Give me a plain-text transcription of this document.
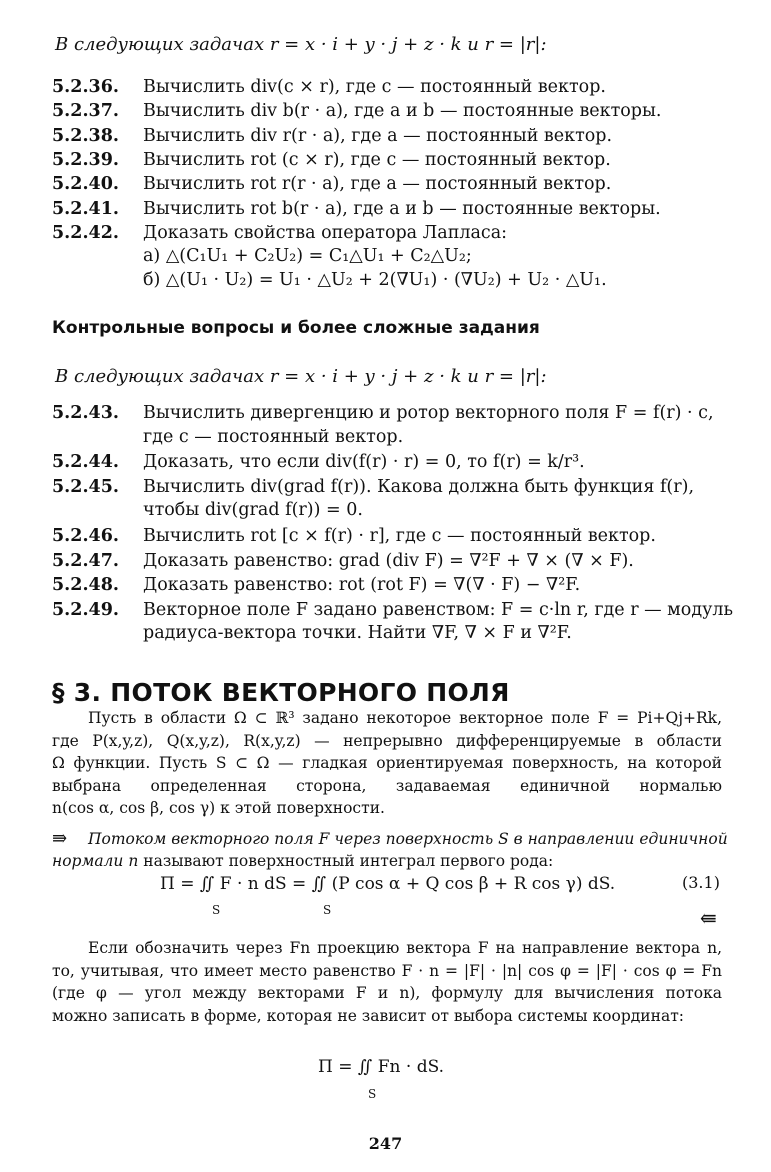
В следующих задачах r = x · i + y · j + z · k и r = |r|:
5.2.36.	Вычислить div(c × r), где c — постоянный вектор.
5.2.37.	Вычислить div b(r · a), где a и b — постоянные векторы.
5.2.38.	Вычислить div r(r · a), где a — постоянный вектор.
5.2.39.	Вычислить rot (c × r), где c — постоянный вектор.
5.2.40.	Вычислить rot r(r · a), где a — постоянный вектор.
5.2.41.	Вычислить rot b(r · a), где a и b — постоянные векторы.
5.2.42.	Доказать свойства оператора Лапласа:
а) △(C₁U₁ + C₂U₂) = C₁△U₁ + C₂△U₂;
б) △(U₁ · U₂) = U₁ · △U₂ + 2(∇U₁) · (∇U₂) + U₂ · △U₁.
Контрольные вопросы и более сложные задания
В следующих задачах r = x · i + y · j + z · k и r = |r|:
5.2.43.	Вычислить дивергенцию и ротор векторного поля F = f(r) · c,
где c — постоянный вектор.
5.2.44.	Доказать, что если div(f(r) · r) = 0, то f(r) = k/r³.
5.2.45.	Вычислить div(grad f(r)). Какова должна быть функция f(r),
чтобы div(grad f(r)) = 0.
5.2.46.	Вычислить rot [c × f(r) · r], где c — постоянный вектор.
5.2.47.	Доказать равенство: grad (div F) = ∇²F + ∇ × (∇ × F).
5.2.48.	Доказать равенство: rot (rot F) = ∇(∇ · F) − ∇²F.
5.2.49.	Векторное поле F задано равенством: F = c·ln r, где r — модуль
радиуса-вектора точки. Найти ∇F, ∇ × F и ∇²F.
§ 3. ПОТОК ВЕКТОРНОГО ПОЛЯ
Пусть в области Ω ⊂ ℝ³ задано некоторое векторное поле F = Pi+Qj+Rk,
где P(x,y,z), Q(x,y,z), R(x,y,z) — непрерывно дифференцируемые в области
Ω функции. Пусть S ⊂ Ω — гладкая ориентируемая поверхность, на которой
выбрана определенная сторона, задаваемая единичной нормалью
n(cos α, cos β, cos γ) к этой поверхности.
⇛ Потоком векторного поля F через поверхность S в направлении единичной
нормали n называют поверхностный интеграл первого рода:
Π = ∬ F · n dS = ∬ (P cos α + Q cos β + R cos γ) dS.
S	S
(3.1)
⇚
Если обозначить через Fn проекцию вектора F на направление вектора n,
то, учитывая, что имеет место равенство F · n = |F| · |n| cos φ = |F| · cos φ = Fn
(где φ — угол между векторами F и n), формулу для вычисления потока
можно записать в форме, которая не зависит от выбора системы координат:
Π = ∬ Fn · dS.
S
247
